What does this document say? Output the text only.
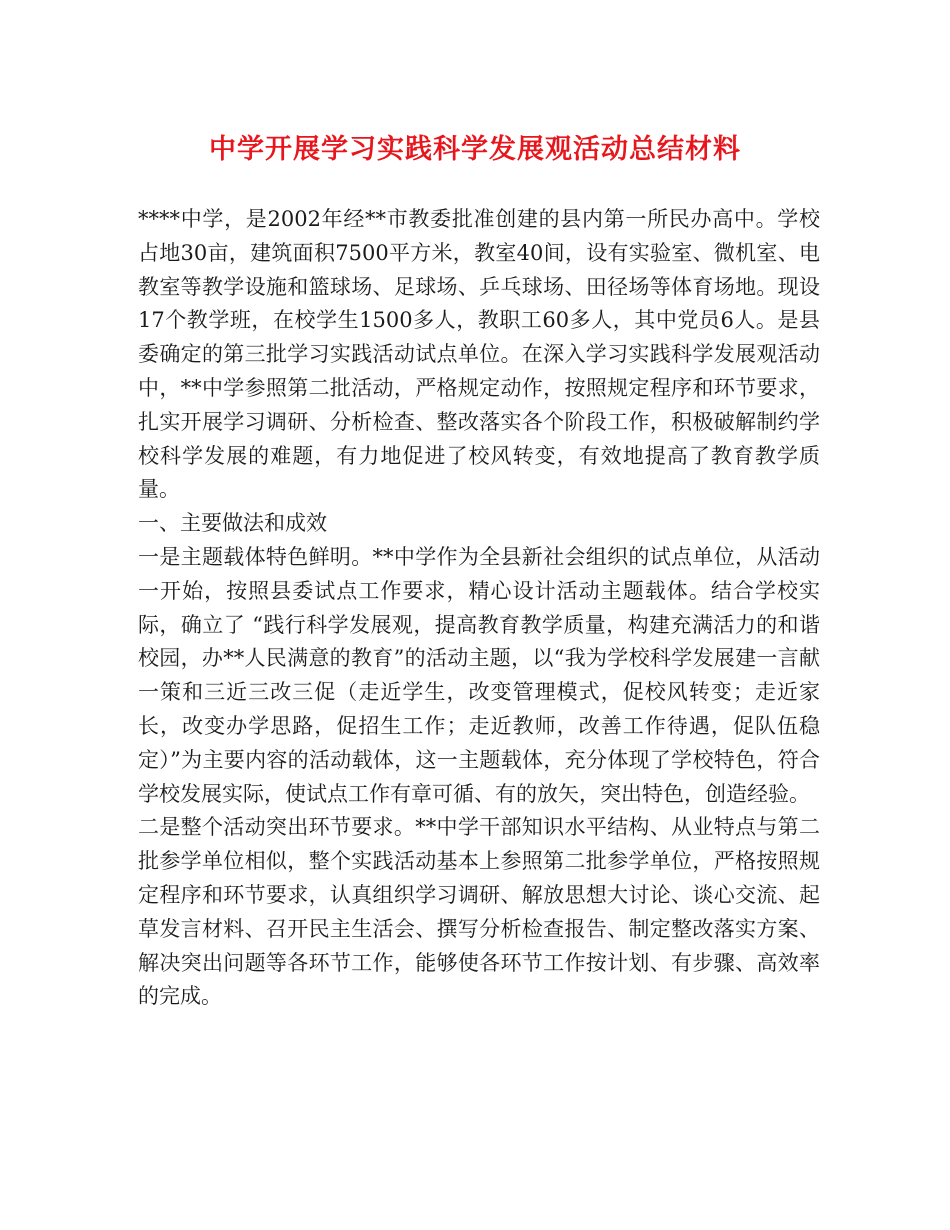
中学开展学习实践科学发展观活动总结材料

****中学，是2002年经**市教委批准创建的县内第一所民办高中。学校占地30亩，建筑面积7500平方米，教室40间，设有实验室、微机室、电教室等教学设施和篮球场、足球场、乒乓球场、田径场等体育场地。现设17个教学班，在校学生1500多人，教职工60多人，其中党员6人。是县委确定的第三批学习实践活动试点单位。在深入学习实践科学发展观活动中，**中学参照第二批活动，严格规定动作，按照规定程序和环节要求，扎实开展学习调研、分析检查、整改落实各个阶段工作，积极破解制约学校科学发展的难题，有力地促进了校风转变，有效地提高了教育教学质量。

一、主要做法和成效

一是主题载体特色鲜明。**中学作为全县新社会组织的试点单位，从活动一开始，按照县委试点工作要求，精心设计活动主题载体。结合学校实际，确立了 “践行科学发展观，提高教育教学质量，构建充满活力的和谐校园，办**人民满意的教育”的活动主题，以“我为学校科学发展建一言献一策和三近三改三促（走近学生，改变管理模式，促校风转变；走近家长，改变办学思路，促招生工作；走近教师，改善工作待遇，促队伍稳定）”为主要内容的活动载体，这一主题载体，充分体现了学校特色，符合学校发展实际，使试点工作有章可循、有的放矢，突出特色，创造经验。

二是整个活动突出环节要求。**中学干部知识水平结构、从业特点与第二批参学单位相似，整个实践活动基本上参照第二批参学单位，严格按照规定程序和环节要求，认真组织学习调研、解放思想大讨论、谈心交流、起草发言材料、召开民主生活会、撰写分析检查报告、制定整改落实方案、解决突出问题等各环节工作，能够使各环节工作按计划、有步骤、高效率的完成。
